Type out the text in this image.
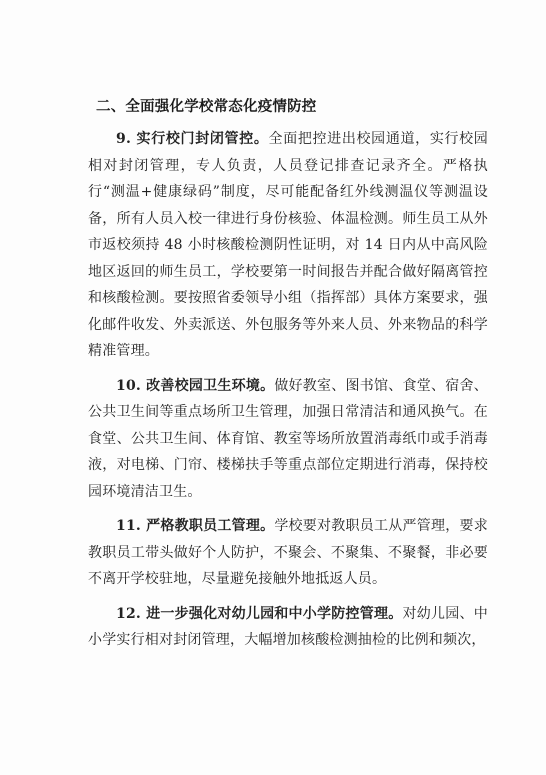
二、全面强化学校常态化疫情防控

9. 实行校门封闭管控。全面把控进出校园通道，实行校园相对封闭管理，专人负责，人员登记排查记录齐全。严格执行“测温+健康绿码”制度，尽可能配备红外线测温仪等测温设备，所有人员入校一律进行身份核验、体温检测。师生员工从外市返校须持 48 小时核酸检测阴性证明，对 14 日内从中高风险地区返回的师生员工，学校要第一时间报告并配合做好隔离管控和核酸检测。要按照省委领导小组（指挥部）具体方案要求，强化邮件收发、外卖派送、外包服务等外来人员、外来物品的科学精准管理。

10. 改善校园卫生环境。做好教室、图书馆、食堂、宿舍、公共卫生间等重点场所卫生管理，加强日常清洁和通风换气。在食堂、公共卫生间、体育馆、教室等场所放置消毒纸巾或手消毒液，对电梯、门帘、楼梯扶手等重点部位定期进行消毒，保持校园环境清洁卫生。

11. 严格教职员工管理。学校要对教职员工从严管理，要求教职员工带头做好个人防护，不聚会、不聚集、不聚餐，非必要不离开学校驻地，尽量避免接触外地抵返人员。

12. 进一步强化对幼儿园和中小学防控管理。对幼儿园、中小学实行相对封闭管理，大幅增加核酸检测抽检的比例和频次，
